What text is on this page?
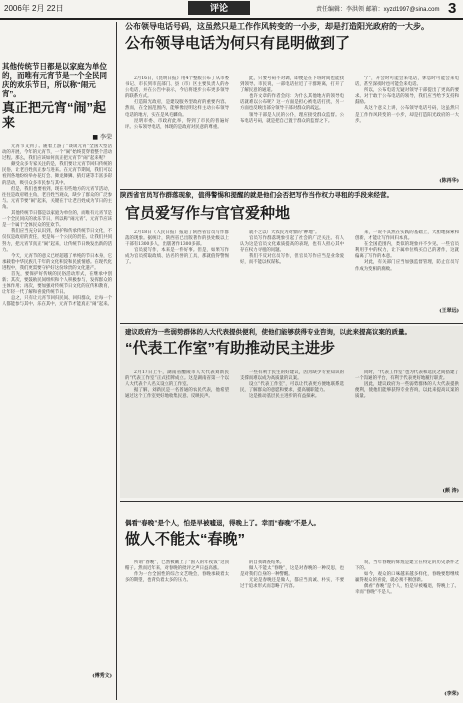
2006年 2月 22日	评论	责任编辑：李洪领 邮箱：xyzd1997@sina.com 3
其他传统节日都是以家庭为单位的，而唯有元宵节是一个全民同庆的欢乐节日，所以称“闹元宵”。
真正把元宵“闹”起来
■ 李荣

元宵节又到了。随着上游了“谈谈元宵”全国大型活动的开展，今年的元宵节，一个“闹”始终贯穿着整个活动过程。那么，我们应该如何真正把元宵节“闹”起来呢？

颇受众多专家关注的是，我们要让元宵节回归传统的民俗，让老百姓真正参与进来。在元宵节期间，我们可以看到各地纷纷举办花灯会、舞龙舞狮、猜灯谜等丰富多彩的活动，吸引众多市民参与其中。

但是，我们也要看到，现在有些地方的元宵节活动，往往是政府唱主角，老百姓当观众，缺少了群众的广泛参与。元宵节要“闹”起来，关键在于让老百姓成为节日的主角。

其他传统节日都是以家庭为单位的，而唯有元宵节是一个全民同庆的欢乐节日，所以称“闹元宵”。元宵节应该是一个属于全体民众的狂欢节。

我们应当充分认识到，保护和传承传统节日文化，不仅仅是政府的责任，更是每一个公民的责任。让我们共同努力，把元宵节真正“闹”起来，让传统节日焕发出新的活力。

今天，元宵节的意义已经超越了单纯的节日本身，它承载着中华民族几千年的文化积淀和民族情感。在现代化进程中，我们更需要守护好这份珍贵的文化遗产。

首先，要保护好传统的民俗活动形式，在继承中创新；其次，要鼓励民间组织和个人积极参与，发挥群众的主体作用；再次，要加强对传统节日文化的宣传和教育，让年轻一代了解和喜爱传统节日。

总之，只有让元宵节回归民间、回归群众，让每一个人都能参与其中、乐在其中，元宵节才能真正“闹”起来。

(傅秀文)
公布领导电话号码，这虽然只是工作作风转变的一小步，却是打造阳光政府的一大步。
公布领导电话为何只有昆明做到了

2月16日，《昆明日报》用4个整版公布了从市委书记、市长到市直部门、县（市）区主要负责人的办公电话，并在公告中表示，今后将逐步公布更多领导的联系方式。

打造阳光政府，是建设服务型政府的重要内容。然而，在全国范围内，能够像昆明这样主动公布领导电话的地方，实在是凤毛麟角。

昆明市委、市政府此举，得到了市民的普遍好评。公布领导电话，体现的是政府对民意的尊重。

此，只要号码不对调，即便是在下班时间也能找到领导。市民说，一部电话拉近了干群距离，打开了了解民意的通道。

也许文章的作者会问：为什么其他地方的领导电话就难以公布呢？这一方面是担心被电话打扰，另一方面也反映出部分领导干部对群众的疏远。

领导干部是人民的公仆，理应接受群众监督。公布电话号码，就是把自己置于群众的监督之下。

宁”，开会时可能会来电话，休息时可能会来电话，甚至深夜时也可能会来电话。

所以，公布电话无疑对领导干部提出了更高的要求。对于敢于公布电话的领导，我们应当给予支持和鼓励。

从这个意义上讲，公布领导电话号码，这虽然只是工作作风转变的一小步，却是打造阳光政府的一大步。

(陈再华)
陕西省官员写作群落现象，值得警惕和提醒的就是他们会否把写作当作权力寻租的手段来经营。
官员爱写作与官官爱种地

2月18日（人民日报）报道了陕西省官员写作群落的现象。据统计，陕西省已出版著作的县处级以上干部有1300多人，出版著作1300多部。

官员爱写作，本来是一件好事。但是，如果写作成为官员捞取政绩、沽名钓誉的工具，那就值得警惕了。

就不乏以广大农民为对象的“种地”。

官员写作群落现象引起了社会的广泛关注。有人认为这是官员文化素质提高的表现，也有人担心其中存在权力寻租的问题。

我们不反对官员写作，但官员写作应当是业余爱好，而不能以权谋私。

来，一说不其然在实践的基础上，大胆地探索和创新，才能让写作回归本真。

在全国范围内，类似的现象并不少见。一些官员利用手中的权力，让下属单位购买自己的著作，这就偏离了写作的本意。

对此，有关部门应当加强监督管理，防止官员写作成为变相的腐败。

(王翠远)
建议政府为一些弱势群体的人大代表提供便利，使他们能够获得专业咨询，以此来提高议案的质量。
“代表工作室”有助推动民主进步

2月17日上午，湖南省醴陵市人大代表刘新民的“代表工作室”正式挂牌成立。这是湖南省第一个以人大代表个人名义设立的工作室。

据了解，刘新民是一名普通的农民代表，他希望通过这个工作室更好地收集民意、反映民声。

一些有利于民生的好建议，因为缺少专业知识的支撑而难以成为高质量的议案。

设立“代表工作室”，可以让代表更方便地联系选民，了解群众的意愿和要求，提高履职能力。

这是推动基层民主进步的有益探索。

同时，“代表工作室”也为代表和选民之间搭建了一个沟通的平台，有利于代表更好地履行职责。

因此，建议政府为一些弱势群体的人大代表提供便利，使他们能够获得专业咨询，以此来提高议案的质量。

(颜 涛)
偶看“春晚”是个人，怕是早被嘘退，得晚上了。幸而“春晚”不是人。
做人不能太“春晚”

所谓“春晚”，已然被戴上了“国人的年夜饭”这顶帽子。然而近年来，对春晚的批评之声日益高涨。

作为一台全国性的综合文艺晚会，春晚承载着太多的期望，也背负着太多的压力。

的自我调查结果。

做人不能太“春晚”，这是对春晚的一种反思，也是对我们自身的一种警醒。

无论是春晚还是做人，都应当真诚、朴实，不要过于追求形式而忽略了内容。

说，当年春晚的辉煌是建立在特定的历史条件之下的。

如今，观众的口味越来越多样化，春晚要想继续赢得观众的喜爱，就必须不断创新。

偶看“春晚”是个人，怕是早被嘘退，得晚上了。幸而“春晚”不是人。

(李荣)
